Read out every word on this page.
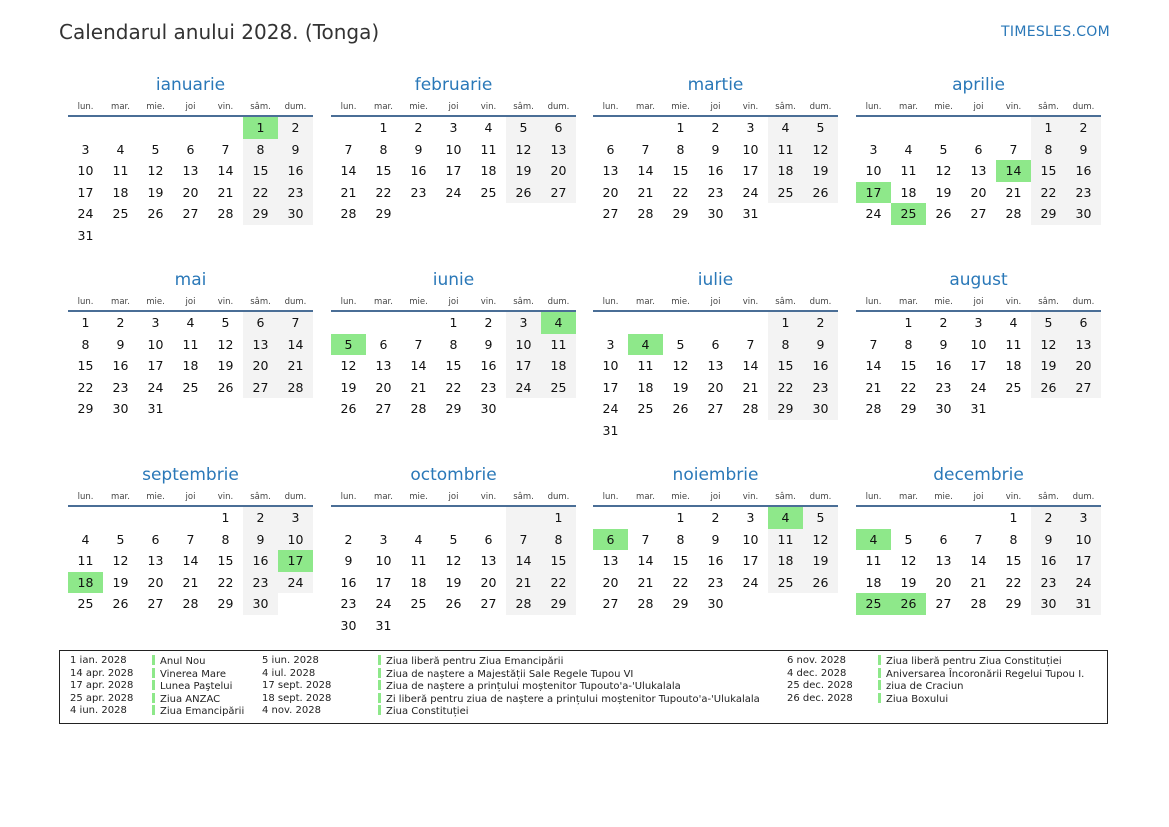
Calendarul anului 2028. (Tonga)	TIMESLES.COM
ianuarie
lun.	mar.	mie.	joi	vin.	sâm.	dum.
					1	2
3	4	5	6	7	8	9
10	11	12	13	14	15	16
17	18	19	20	21	22	23
24	25	26	27	28	29	30
31						
februarie
lun.	mar.	mie.	joi	vin.	sâm.	dum.
	1	2	3	4	5	6
7	8	9	10	11	12	13
14	15	16	17	18	19	20
21	22	23	24	25	26	27
28	29					
martie
lun.	mar.	mie.	joi	vin.	sâm.	dum.
		1	2	3	4	5
6	7	8	9	10	11	12
13	14	15	16	17	18	19
20	21	22	23	24	25	26
27	28	29	30	31		
aprilie
lun.	mar.	mie.	joi	vin.	sâm.	dum.
					1	2
3	4	5	6	7	8	9
10	11	12	13	14	15	16
17	18	19	20	21	22	23
24	25	26	27	28	29	30
mai
lun.	mar.	mie.	joi	vin.	sâm.	dum.
1	2	3	4	5	6	7
8	9	10	11	12	13	14
15	16	17	18	19	20	21
22	23	24	25	26	27	28
29	30	31				
iunie
lun.	mar.	mie.	joi	vin.	sâm.	dum.
			1	2	3	4
5	6	7	8	9	10	11
12	13	14	15	16	17	18
19	20	21	22	23	24	25
26	27	28	29	30		
iulie
lun.	mar.	mie.	joi	vin.	sâm.	dum.
					1	2
3	4	5	6	7	8	9
10	11	12	13	14	15	16
17	18	19	20	21	22	23
24	25	26	27	28	29	30
31						
august
lun.	mar.	mie.	joi	vin.	sâm.	dum.
	1	2	3	4	5	6
7	8	9	10	11	12	13
14	15	16	17	18	19	20
21	22	23	24	25	26	27
28	29	30	31			
septembrie
lun.	mar.	mie.	joi	vin.	sâm.	dum.
				1	2	3
4	5	6	7	8	9	10
11	12	13	14	15	16	17
18	19	20	21	22	23	24
25	26	27	28	29	30	
octombrie
lun.	mar.	mie.	joi	vin.	sâm.	dum.
						1
2	3	4	5	6	7	8
9	10	11	12	13	14	15
16	17	18	19	20	21	22
23	24	25	26	27	28	29
30	31					
noiembrie
lun.	mar.	mie.	joi	vin.	sâm.	dum.
		1	2	3	4	5
6	7	8	9	10	11	12
13	14	15	16	17	18	19
20	21	22	23	24	25	26
27	28	29	30			
decembrie
lun.	mar.	mie.	joi	vin.	sâm.	dum.
				1	2	3
4	5	6	7	8	9	10
11	12	13	14	15	16	17
18	19	20	21	22	23	24
25	26	27	28	29	30	31
1 ian. 2028	Anul Nou
14 apr. 2028	Vinerea Mare
17 apr. 2028	Lunea Paştelui
25 apr. 2028	Ziua ANZAC
4 iun. 2028	Ziua Emancipării
5 iun. 2028	Ziua liberă pentru Ziua Emancipării
4 iul. 2028	Ziua de naștere a Majestății Sale Regele Tupou VI
17 sept. 2028	Ziua de naștere a prințului moștenitor Tupouto'a-'Ulukalala
18 sept. 2028	Zi liberă pentru ziua de naștere a prințului moștenitor Tupouto'a-'Ulukalala
4 nov. 2028	Ziua Constituției
6 nov. 2028	Ziua liberă pentru Ziua Constituției
4 dec. 2028	Aniversarea Încoronării Regelui Tupou I.
25 dec. 2028	ziua de Craciun
26 dec. 2028	Ziua Boxului
